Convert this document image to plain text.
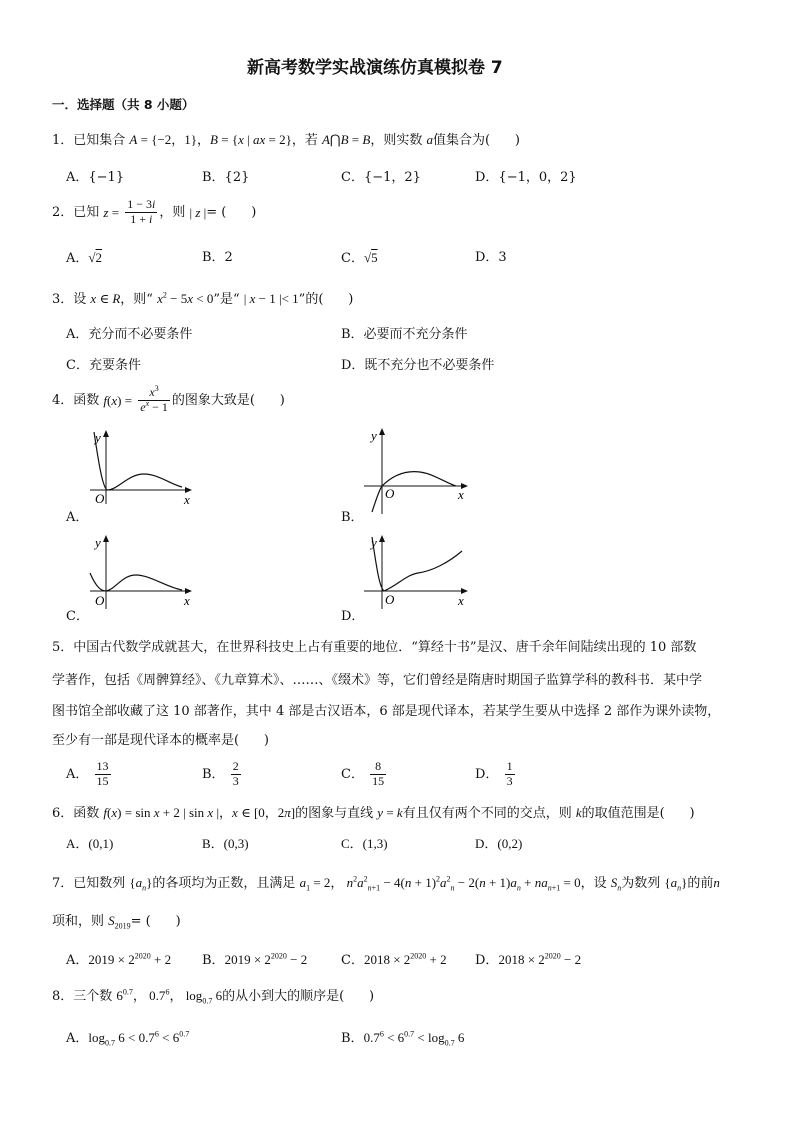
新高考数学实战演练仿真模拟卷 7
一．选择题（共 8 小题）
1．已知集合 A = {−2，1}，B = {x | ax = 2}，若 A⋂B = B，则实数 a值集合为( )
A．{−1}	B．{2}	C．{−1，2}	D．{−1，0，2}
2．已知 $z = \frac{1 - 3i}{1 + i}$ ，则 | z |= ( )
A．√2	B．2	C．√5	D．3
3．设 x ∈ R，则“ $x^2 - 5x < 0$”是“ | x − 1 |< 1”的( )
A．充分而不必要条件	B．必要而不充分条件
C．充要条件	D．既不充分也不必要条件
4．函数 $f(x) = \frac{x^3}{e^x - 1}$ 的图象大致是( )
y
x
O
A．
y
x
O
B．
y
x
O
C．
y
x
O
D．
5．中国古代数学成就甚大，在世界科技史上占有重要的地位．“算经十书”是汉、唐千余年间陆续出现的 10 部数
学著作，包括《周髀算经》、《九章算术》、……、《缀术》等，它们曾经是隋唐时期国子监算学科的教科书．某中学
图书馆全部收藏了这 10 部著作，其中 4 部是古汉语本，6 部是现代译本，若某学生要从中选择 2 部作为课外读物，
至少有一部是现代译本的概率是( )
A． $\frac{13}{15}$	B． $\frac{2}{3}$	C． $\frac{8}{15}$	D． $\frac{1}{3}$
6．函数 f(x) = sin x + 2 | sin x |，x ∈ [0，2π]的图象与直线 y = k有且仅有两个不同的交点，则 k的取值范围是( )
A．(0,1)	B．(0,3)	C．(1,3)	D．(0,2)
7．已知数列 $\{a_n\}$的各项均为正数，且满足 $a_1 = 2$， $n^2a^2_{n+1} - 4(n + 1)^2a^2_n - 2(n + 1)a_n + na_{n+1} = 0$，设 $S_n$为数列 $\{a_n\}$的前n
项和，则 $S_{2019}=$ ( )
A．$2019 \times 2^{2020} + 2$ B．$2019 \times 2^{2020} - 2$	C．$2018 \times 2^{2020} + 2$ D．$2018 \times 2^{2020} - 2$
8．三个数 $6^{0.7}$， $0.7^6$， $\log_{0.7} 6$的从小到大的顺序是( )
A．$\log_{0.7} 6 < 0.7^6 < 6^{0.7}$	B．$0.7^6 < 6^{0.7} < \log_{0.7} 6$
